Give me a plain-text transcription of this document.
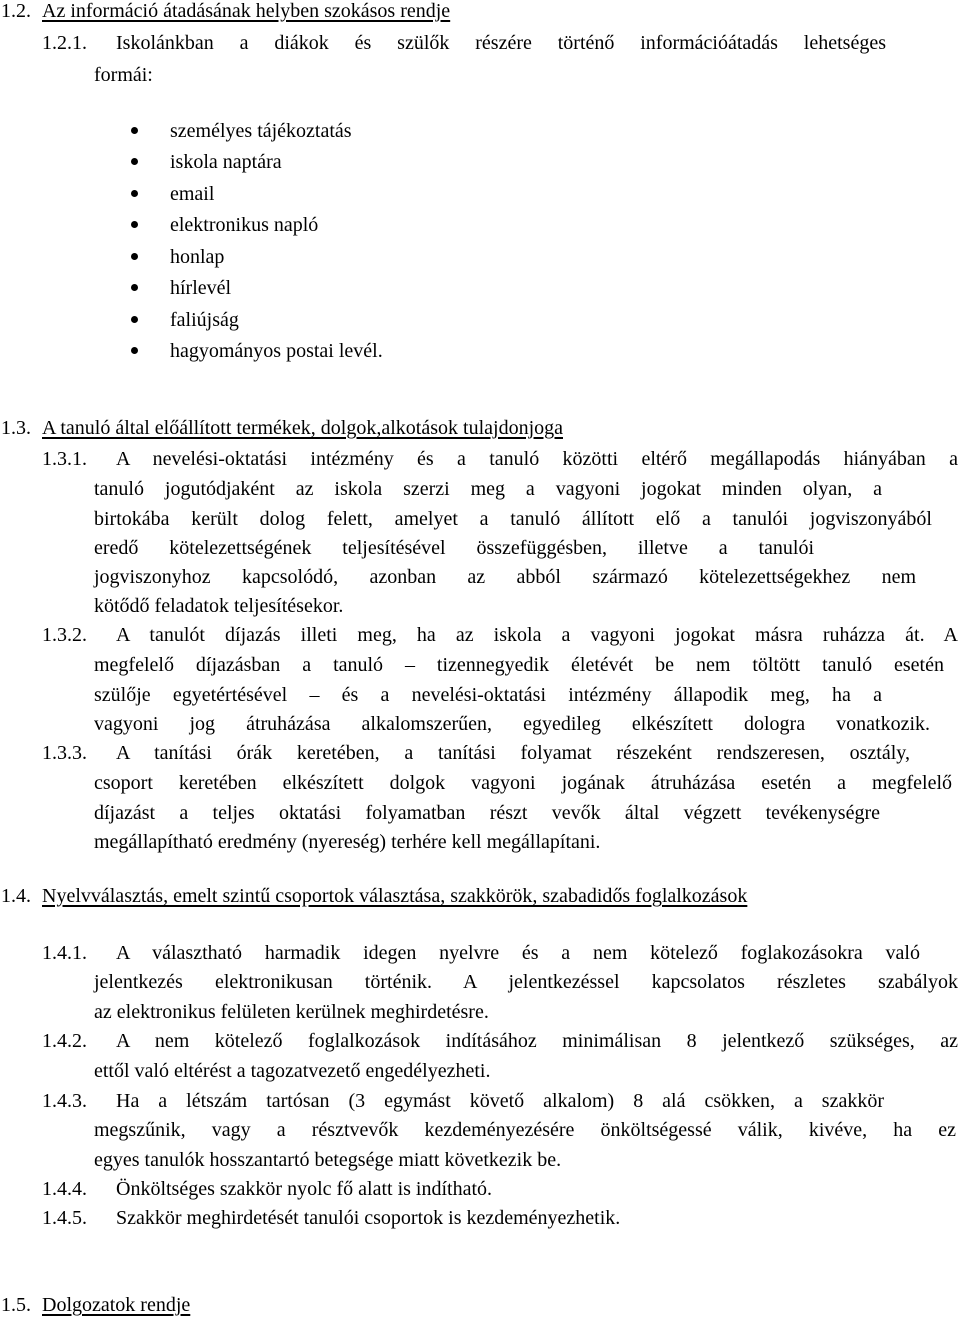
1.2. Az információ átadásának helyben szokásos rendje
1.2.1. Iskolánkban a diákok és szülők részére történő információátadás lehetséges
formái:
személyes tájékoztatás
iskola naptára
email
elektronikus napló
honlap
hírlevél
faliújság
hagyományos postai levél.
1.3. A tanuló által előállított termékek, dolgok,alkotások tulajdonjoga
1.3.1. A nevelési-oktatási intézmény és a tanuló közötti eltérő megállapodás hiányában a
tanuló jogutódjaként az iskola szerzi meg a vagyoni jogokat minden olyan, a
birtokába került dolog felett, amelyet a tanuló állított elő a tanulói jogviszonyából
eredő kötelezettségének teljesítésével összefüggésben, illetve a tanulói
jogviszonyhoz kapcsolódó, azonban az abból származó kötelezettségekhez nem
kötődő feladatok teljesítésekor.
1.3.2. A tanulót díjazás illeti meg, ha az iskola a vagyoni jogokat másra ruházza át. A
megfelelő díjazásban a tanuló – tizennegyedik életévét be nem töltött tanuló esetén
szülője egyetértésével – és a nevelési-oktatási intézmény állapodik meg, ha a
vagyoni jog átruházása alkalomszerűen, egyedileg elkészített dologra vonatkozik.
1.3.3. A tanítási órák keretében, a tanítási folyamat részeként rendszeresen, osztály,
csoport keretében elkészített dolgok vagyoni jogának átruházása esetén a megfelelő
díjazást a teljes oktatási folyamatban részt vevők által végzett tevékenységre
megállapítható eredmény (nyereség) terhére kell megállapítani.
1.4. Nyelvválasztás, emelt szintű csoportok választása, szakkörök, szabadidős foglalkozások
1.4.1. A választható harmadik idegen nyelvre és a nem kötelező foglakozásokra való
jelentkezés elektronikusan történik. A jelentkezéssel kapcsolatos részletes szabályok
az elektronikus felületen kerülnek meghirdetésre.
1.4.2. A nem kötelező foglalkozások indításához minimálisan 8 jelentkező szükséges, az
ettől való eltérést a tagozatvezető engedélyezheti.
1.4.3. Ha a létszám tartósan (3 egymást követő alkalom) 8 alá csökken, a szakkör
megszűnik, vagy a résztvevők kezdeményezésére önköltségessé válik, kivéve, ha ez
egyes tanulók hosszantartó betegsége miatt következik be.
1.4.4. Önköltséges szakkör nyolc fő alatt is indítható.
1.4.5. Szakkör meghirdetését tanulói csoportok is kezdeményezhetik.
1.5. Dolgozatok rendje
